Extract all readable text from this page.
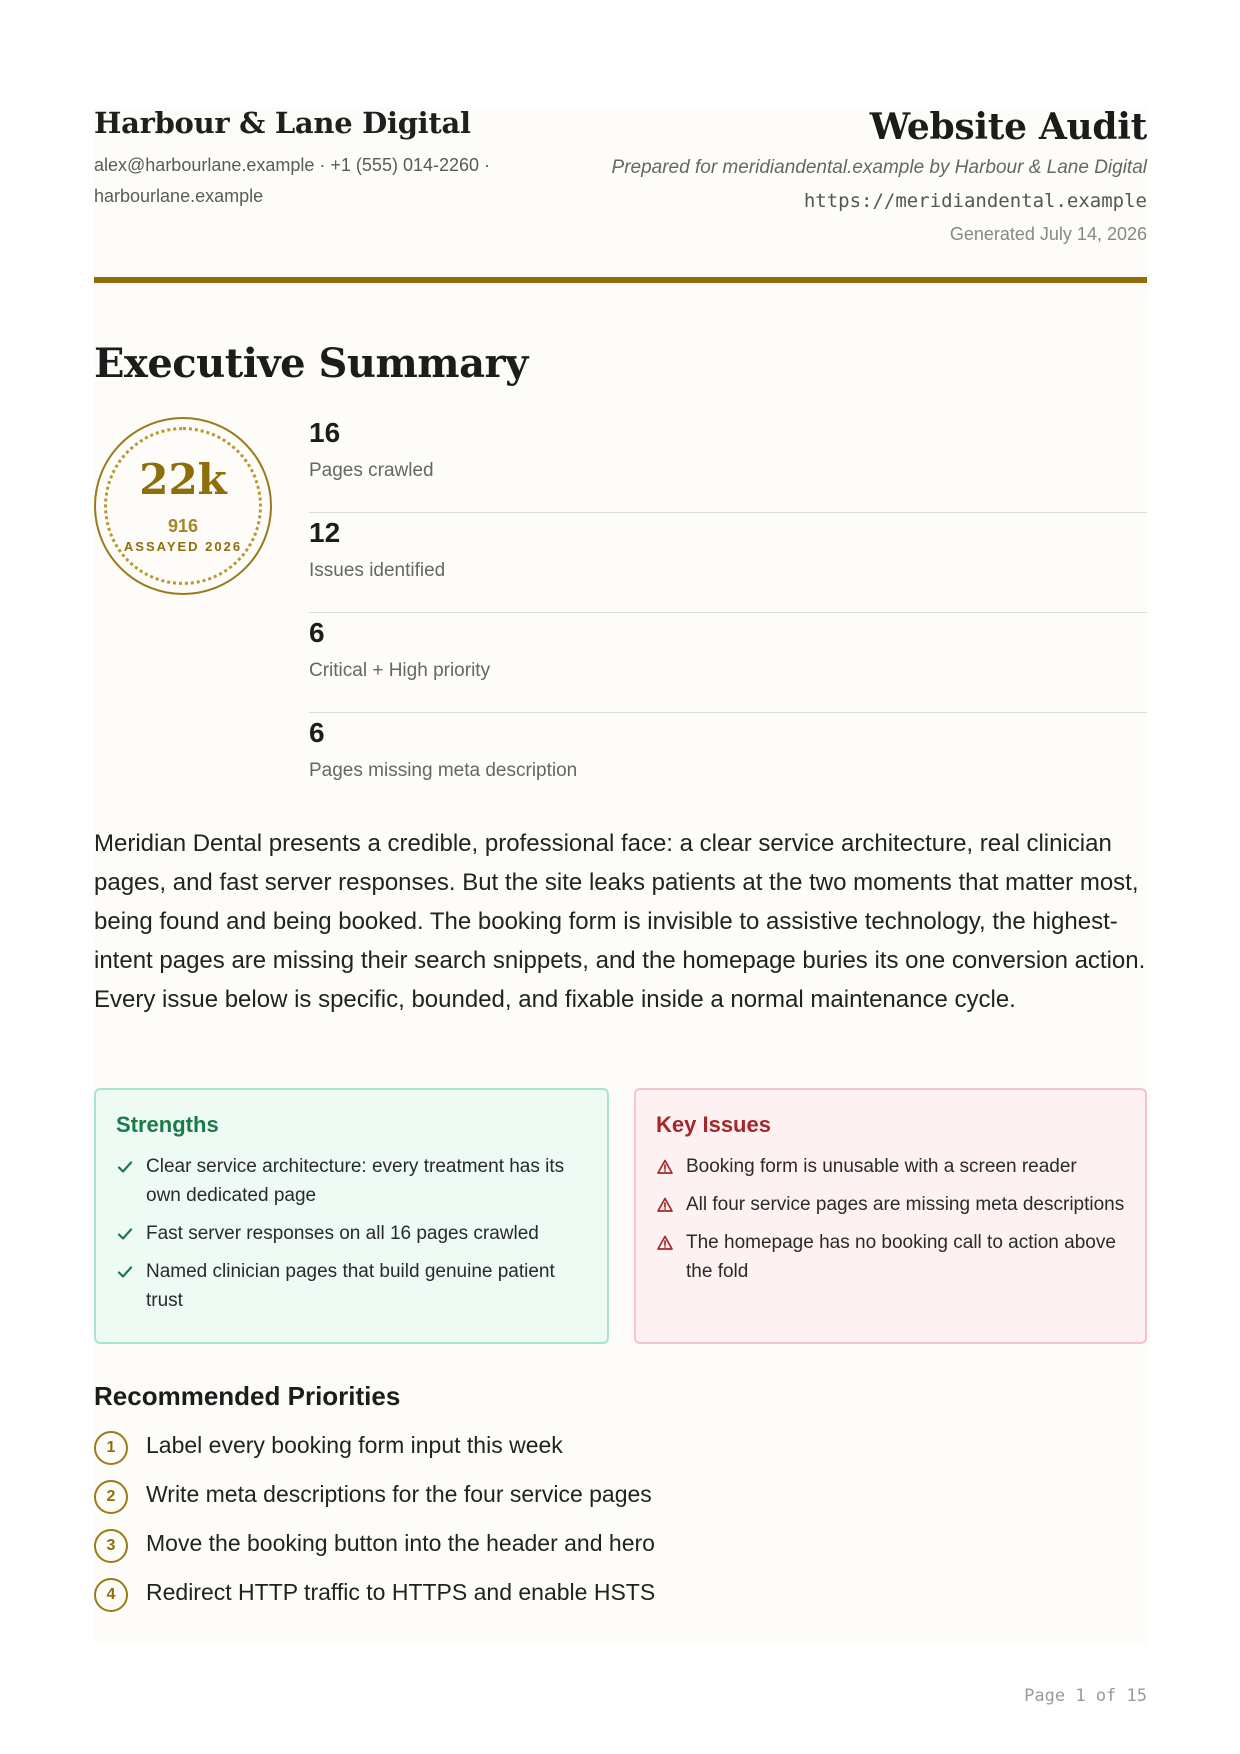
Harbour & Lane Digital
alex@harbourlane.example · +1 (555) 014-2260 · harbourlane.example
Website Audit
Prepared for meridiandental.example by Harbour & Lane Digital
https://meridiandental.example
Generated July 14, 2026
Executive Summary
22k
916
ASSAYED 2026
16
Pages crawled
12
Issues identified
6
Critical + High priority
6
Pages missing meta description

Meridian Dental presents a credible, professional face: a clear service architecture, real clinician pages, and fast server responses. But the site leaks patients at the two moments that matter most, being found and being booked. The booking form is invisible to assistive technology, the highest-intent pages are missing their search snippets, and the homepage buries its one conversion action. Every issue below is specific, bounded, and fixable inside a normal maintenance cycle.

Strengths
Clear service architecture: every treatment has its own dedicated page
Fast server responses on all 16 pages crawled
Named clinician pages that build genuine patient trust
Key Issues
Booking form is unusable with a screen reader
All four service pages are missing meta descriptions
The homepage has no booking call to action above the fold
Recommended Priorities
1	Label every booking form input this week
2	Write meta descriptions for the four service pages
3	Move the booking button into the header and hero
4	Redirect HTTP traffic to HTTPS and enable HSTS
Page 1 of 15
